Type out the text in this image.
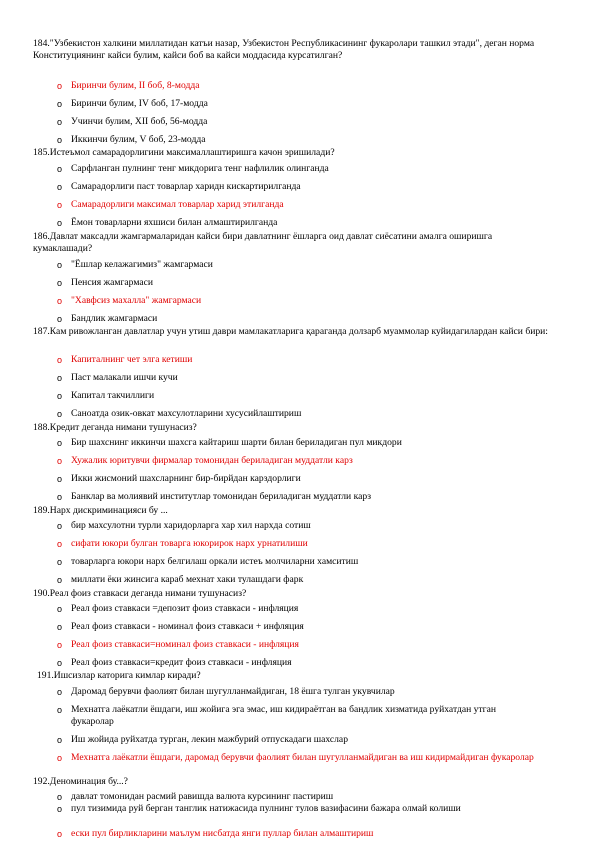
184."Узбекистон халкини миллатидан катъи назар, Узбекистон Республикасининг фукаролари ташкил этади", деган норма Конституциянинг кайси булим, кайси боб ва кайси моддасида курсатилган?
o Биринчи булим, II боб, 8-модда
o Биринчи булим, IV боб, 17-модда
o Учинчи булим, XII боб, 56-модда
o Иккинчи булим, V боб, 23-модда
185.Истеъмол самарадорлигини максималлаштиришга качон эришилади?
o Сарфланган пулнинг тенг микдорига тенг нафлилик олинганда
o Самарадорлиги паст товарлар харидн кискартирилганда
o Самарадорлиги максимал товарлар харид этилганда
o Ёмон товарларни яхшиси билан алмаштирилганда
186.Давлат максадли жамгармаларидан кайси бири давлатнинг ёшларга оид давлат сиёсатини амалга оширишга кумаклашади?
o "Ёшлар келажагимиз" жамгармаси
o Пенсия жамгармаси
o "Хавфсиз махалла" жамгармаси
o Бандлик жамгармаси
187.Кам ривожланган давлатлар учун утиш даври мамлакатларига қараганда долзарб муаммолар куйидагилардан кайси бири:
o Капиталнинг чет элга кетиши
o Паст малакали ишчи кучи
o Капитал такчиллиги
o Саноатда озик-овкат махсулотларини хусусийлаштириш
188.Кредит деганда нимани тушунасиз?
o Бир шахснинг иккинчи шахсга кайтариш шарти билан бериладиган пул микдори
o Хужалик юритувчи фирмалар томонидан бериладиган муддатли карз
o Икки жисмоний шахсларнинг бир-бирйдан карздорлиги
o Банклар ва молиявий институтлар томонидан бериладиган муддатли карз
189.Нарх дискриминацияси бу ...
o бир махсулотни турли харидорларга хар хил нархда сотиш
o сифати юкори булган товарга юкорирок нарх урнатилиши
o товарларга юкори нарх белгилаш оркали истеъ молчиларни хамситиш
o миллати ёки жинсига караб мехнат хаки тулашдаги фарк
190.Реал фоиз ставкаси деганда нимани тушунасиз?
o Реал фоиз ставкаси =депозит фоиз ставкаси - инфляция
o Реал фоиз ставкаси - номинал фоиз ставкаси + инфляция
o Реал фоиз ставкаси=номинал фоиз ставкаси - инфляция
o Реал фоиз ставкаси=кредит фоиз ставкаси - инфляция
191.Ишсизлар каторига кимлар киради?
o Даромад берувчи фаолият билан шугулланмайдиган, 18 ёшга тулган укувчилар
o Мехнатга лаёкатли ёшдаги, иш жойига эга эмас, иш кидираётган ва бандлик хизматида руйхатдан утган фукаролар
o Иш жойида руйхатда турган, лекин мажбурий отпускадаги шахслар
o Мехнатга лаёкатли ёшдаги, даромад берувчи фаолият билан шугулланмайдиган ва иш кидирмайдиган фукаролар
192.Деноминация бу...?
o давлат томонидан расмий равишда валюта курсининг пастириш
o пул тизимида руй берган танглик натижасида пулнинг тулов вазифасини бажара олмай колиши
o ески пул бирликларини маълум нисбатда янги пуллар билан алмаштириш
